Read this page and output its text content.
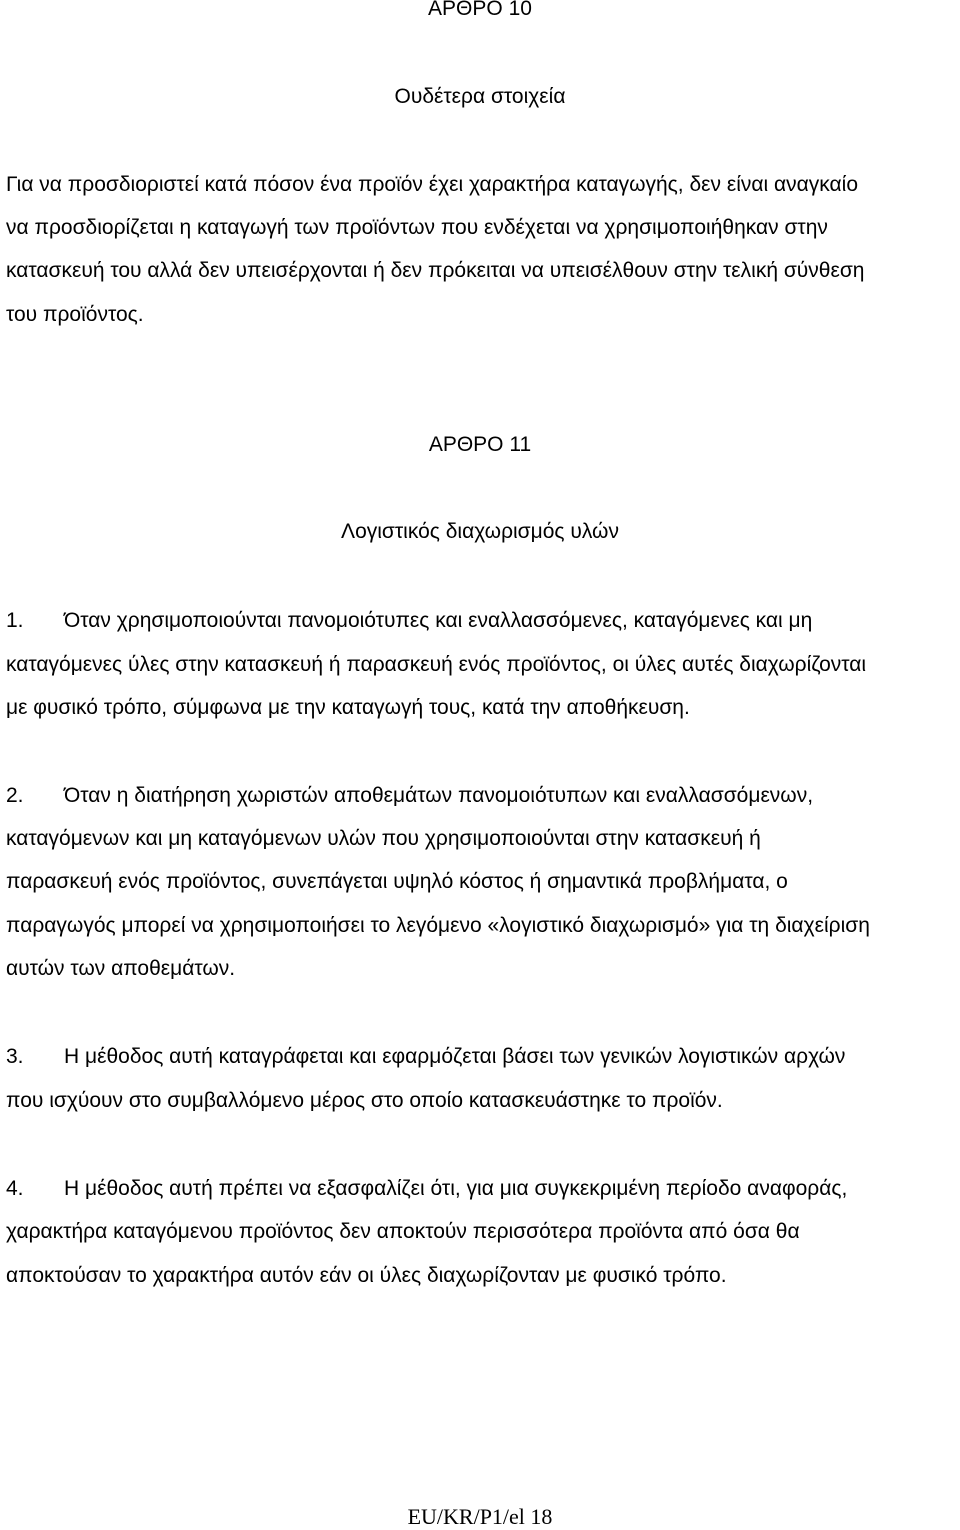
ΑΡΘΡΟ 10
Ουδέτερα στοιχεία
Για να προσδιοριστεί κατά πόσον ένα προϊόν έχει χαρακτήρα καταγωγής, δεν είναι αναγκαίο
να προσδιορίζεται η καταγωγή των προϊόντων που ενδέχεται να χρησιμοποιήθηκαν στην
κατασκευή του αλλά δεν υπεισέρχονται ή δεν πρόκειται να υπεισέλθουν στην τελική σύνθεση
του προϊόντος.
ΑΡΘΡΟ 11
Λογιστικός διαχωρισμός υλών
1. Όταν χρησιμοποιούνται πανομοιότυπες και εναλλασσόμενες, καταγόμενες και μη
καταγόμενες ύλες στην κατασκευή ή παρασκευή ενός προϊόντος, οι ύλες αυτές διαχωρίζονται
με φυσικό τρόπο, σύμφωνα με την καταγωγή τους, κατά την αποθήκευση.
2. Όταν η διατήρηση χωριστών αποθεμάτων πανομοιότυπων και εναλλασσόμενων,
καταγόμενων και μη καταγόμενων υλών που χρησιμοποιούνται στην κατασκευή ή
παρασκευή ενός προϊόντος, συνεπάγεται υψηλό κόστος ή σημαντικά προβλήματα, ο
παραγωγός μπορεί να χρησιμοποιήσει το λεγόμενο «λογιστικό διαχωρισμό» για τη διαχείριση
αυτών των αποθεμάτων.
3. Η μέθοδος αυτή καταγράφεται και εφαρμόζεται βάσει των γενικών λογιστικών αρχών
που ισχύουν στο συμβαλλόμενο μέρος στο οποίο κατασκευάστηκε το προϊόν.
4. Η μέθοδος αυτή πρέπει να εξασφαλίζει ότι, για μια συγκεκριμένη περίοδο αναφοράς,
χαρακτήρα καταγόμενου προϊόντος δεν αποκτούν περισσότερα προϊόντα από όσα θα
αποκτούσαν το χαρακτήρα αυτόν εάν οι ύλες διαχωρίζονταν με φυσικό τρόπο.
EU/KR/P1/el 18
